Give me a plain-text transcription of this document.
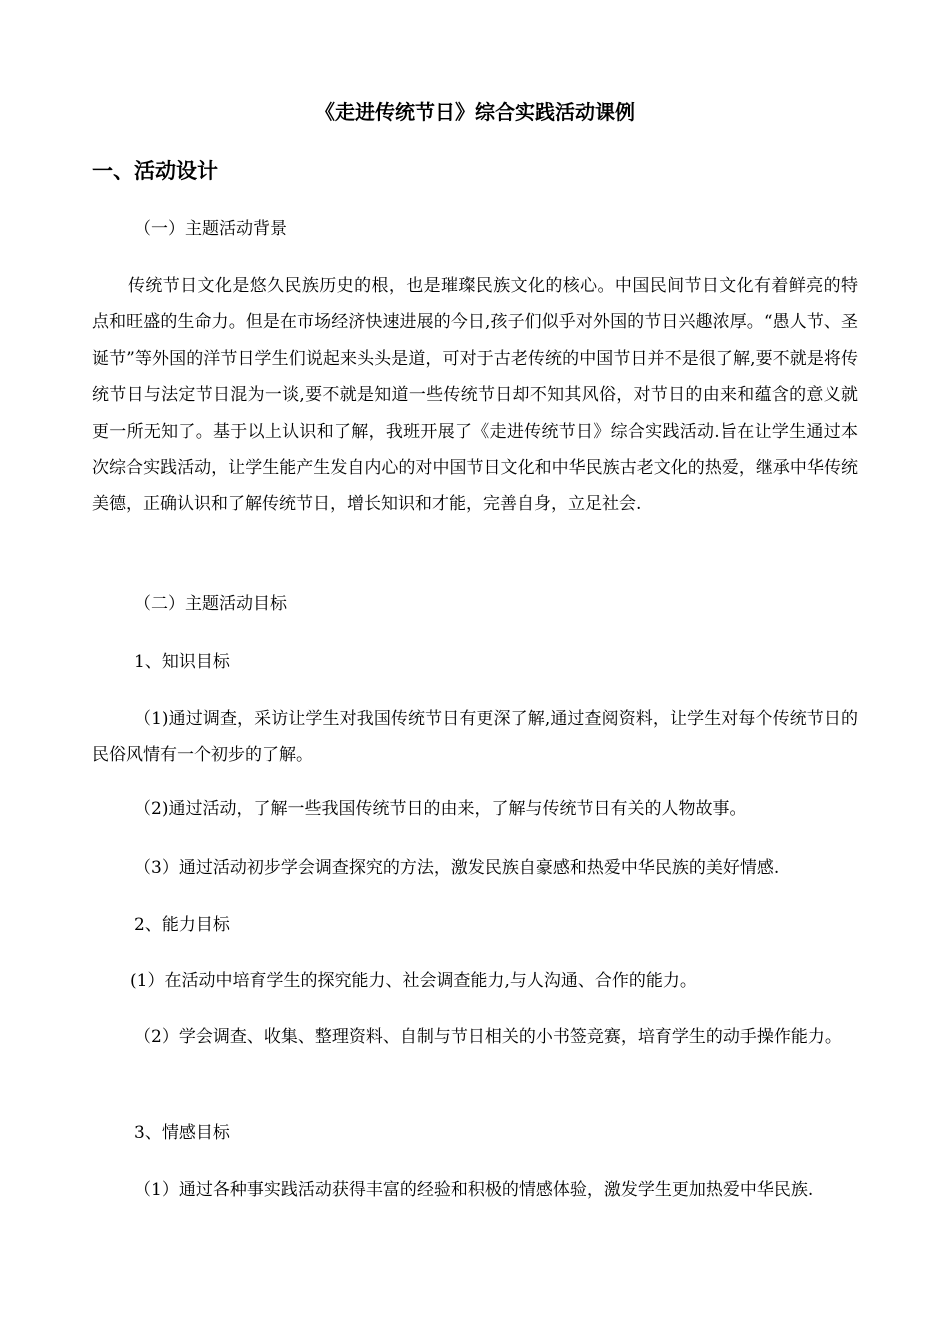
《走进传统节日》综合实践活动课例
一、活动设计

（一）主题活动背景

传统节日文化是悠久民族历史的根，也是璀璨民族文化的核心。中国民间节日文化有着鲜亮的特点和旺盛的生命力。但是在市场经济快速进展的今日,孩子们似乎对外国的节日兴趣浓厚。“愚人节、圣诞节”等外国的洋节日学生们说起来头头是道，可对于古老传统的中国节日并不是很了解,要不就是将传统节日与法定节日混为一谈,要不就是知道一些传统节日却不知其风俗，对节日的由来和蕴含的意义就更一所无知了。基于以上认识和了解，我班开展了《走进传统节日》综合实践活动.旨在让学生通过本次综合实践活动，让学生能产生发自内心的对中国节日文化和中华民族古老文化的热爱，继承中华传统美德，正确认识和了解传统节日，增长知识和才能，完善自身，立足社会.

（二）主题活动目标

1、知识目标

（1)通过调查，采访让学生对我国传统节日有更深了解,通过查阅资料，让学生对每个传统节日的民俗风情有一个初步的了解。

（2)通过活动，了解一些我国传统节日的由来，了解与传统节日有关的人物故事。

（3）通过活动初步学会调查探究的方法，激发民族自豪感和热爱中华民族的美好情感.

2、能力目标

(1）在活动中培育学生的探究能力、社会调查能力,与人沟通、合作的能力。

（2）学会调查、收集、整理资料、自制与节日相关的小书签竞赛，培育学生的动手操作能力。

3、情感目标

（1）通过各种事实践活动获得丰富的经验和积极的情感体验，激发学生更加热爱中华民族.
